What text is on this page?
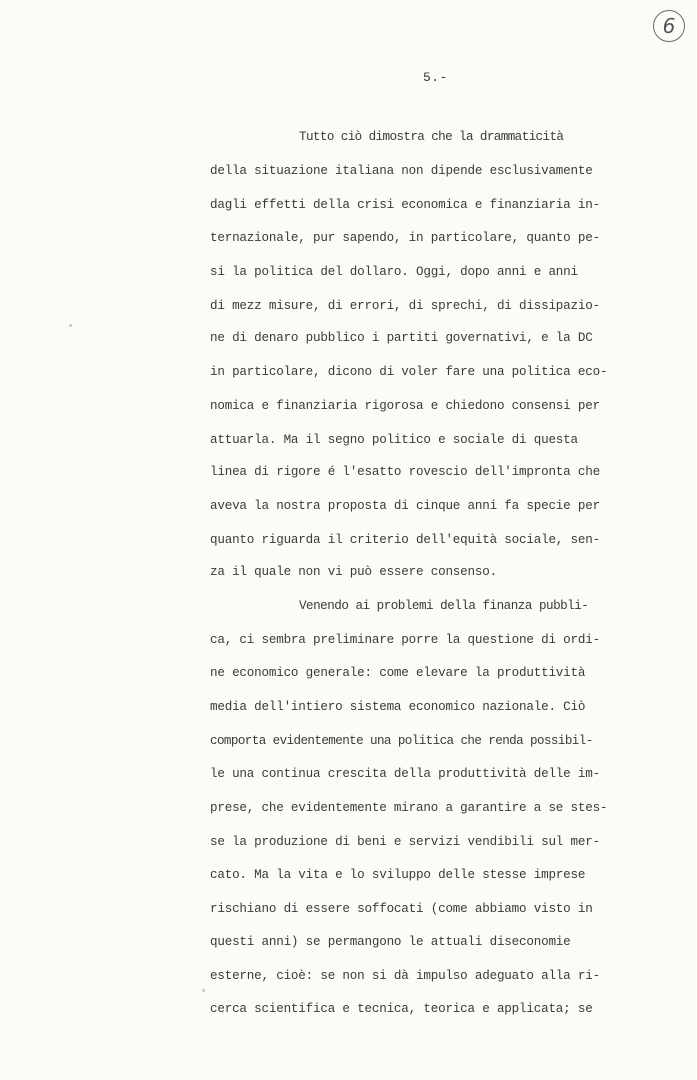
6
5.-
Tutto ciò dimostra che la drammaticità
della situazione italiana non dipende esclusivamente
dagli effetti della crisi economica e finanziaria in-
ternazionale, pur sapendo, in particolare, quanto pe-
si la politica del dollaro. Oggi, dopo anni e anni
di mezz misure, di errori, di sprechi, di dissipazio-
ne di denaro pubblico i partiti governativi, e la DC
in particolare, dicono di voler fare una politica eco-
nomica e finanziaria rigorosa e chiedono consensi per
attuarla. Ma il segno politico e sociale di questa
linea di rigore é l'esatto rovescio dell'impronta che
aveva la nostra proposta di cinque anni fa specie per
quanto riguarda il criterio dell'equità sociale, sen-
za il quale non vi può essere consenso.
Venendo ai problemi della finanza pubbli-
ca, ci sembra preliminare porre la questione di ordi-
ne economico generale: come elevare la produttività
media dell'intiero sistema economico nazionale. Ciò
comporta evidentemente una politica che renda possibil-
le una continua crescita della produttività delle im-
prese, che evidentemente mirano a garantire a se stes-
se la produzione di beni e servizi vendibili sul mer-
cato. Ma la vita e lo sviluppo delle stesse imprese
rischiano di essere soffocati (come abbiamo visto in
questi anni) se permangono le attuali diseconomie
esterne, cioè: se non si dà impulso adeguato alla ri-
cerca scientifica e tecnica, teorica e applicata; se
